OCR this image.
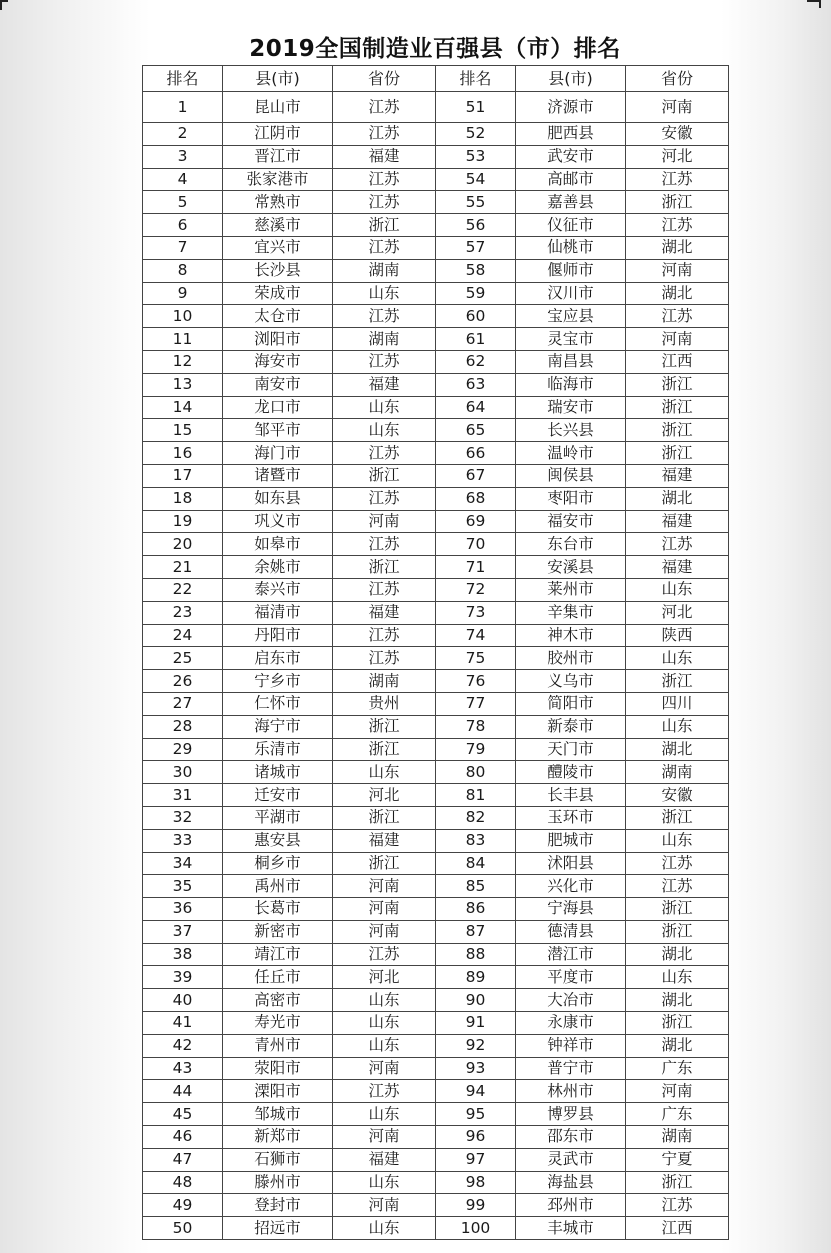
2019全国制造业百强县（市）排名
排名	县(市)	省份	排名	县(市)	省份
1	昆山市	江苏	51	济源市	河南
2	江阴市	江苏	52	肥西县	安徽
3	晋江市	福建	53	武安市	河北
4	张家港市	江苏	54	高邮市	江苏
5	常熟市	江苏	55	嘉善县	浙江
6	慈溪市	浙江	56	仪征市	江苏
7	宜兴市	江苏	57	仙桃市	湖北
8	长沙县	湖南	58	偃师市	河南
9	荣成市	山东	59	汉川市	湖北
10	太仓市	江苏	60	宝应县	江苏
11	浏阳市	湖南	61	灵宝市	河南
12	海安市	江苏	62	南昌县	江西
13	南安市	福建	63	临海市	浙江
14	龙口市	山东	64	瑞安市	浙江
15	邹平市	山东	65	长兴县	浙江
16	海门市	江苏	66	温岭市	浙江
17	诸暨市	浙江	67	闽侯县	福建
18	如东县	江苏	68	枣阳市	湖北
19	巩义市	河南	69	福安市	福建
20	如皋市	江苏	70	东台市	江苏
21	余姚市	浙江	71	安溪县	福建
22	泰兴市	江苏	72	莱州市	山东
23	福清市	福建	73	辛集市	河北
24	丹阳市	江苏	74	神木市	陕西
25	启东市	江苏	75	胶州市	山东
26	宁乡市	湖南	76	义乌市	浙江
27	仁怀市	贵州	77	简阳市	四川
28	海宁市	浙江	78	新泰市	山东
29	乐清市	浙江	79	天门市	湖北
30	诸城市	山东	80	醴陵市	湖南
31	迁安市	河北	81	长丰县	安徽
32	平湖市	浙江	82	玉环市	浙江
33	惠安县	福建	83	肥城市	山东
34	桐乡市	浙江	84	沭阳县	江苏
35	禹州市	河南	85	兴化市	江苏
36	长葛市	河南	86	宁海县	浙江
37	新密市	河南	87	德清县	浙江
38	靖江市	江苏	88	潜江市	湖北
39	任丘市	河北	89	平度市	山东
40	高密市	山东	90	大冶市	湖北
41	寿光市	山东	91	永康市	浙江
42	青州市	山东	92	钟祥市	湖北
43	荥阳市	河南	93	普宁市	广东
44	溧阳市	江苏	94	林州市	河南
45	邹城市	山东	95	博罗县	广东
46	新郑市	河南	96	邵东市	湖南
47	石狮市	福建	97	灵武市	宁夏
48	滕州市	山东	98	海盐县	浙江
49	登封市	河南	99	邳州市	江苏
50	招远市	山东	100	丰城市	江西
